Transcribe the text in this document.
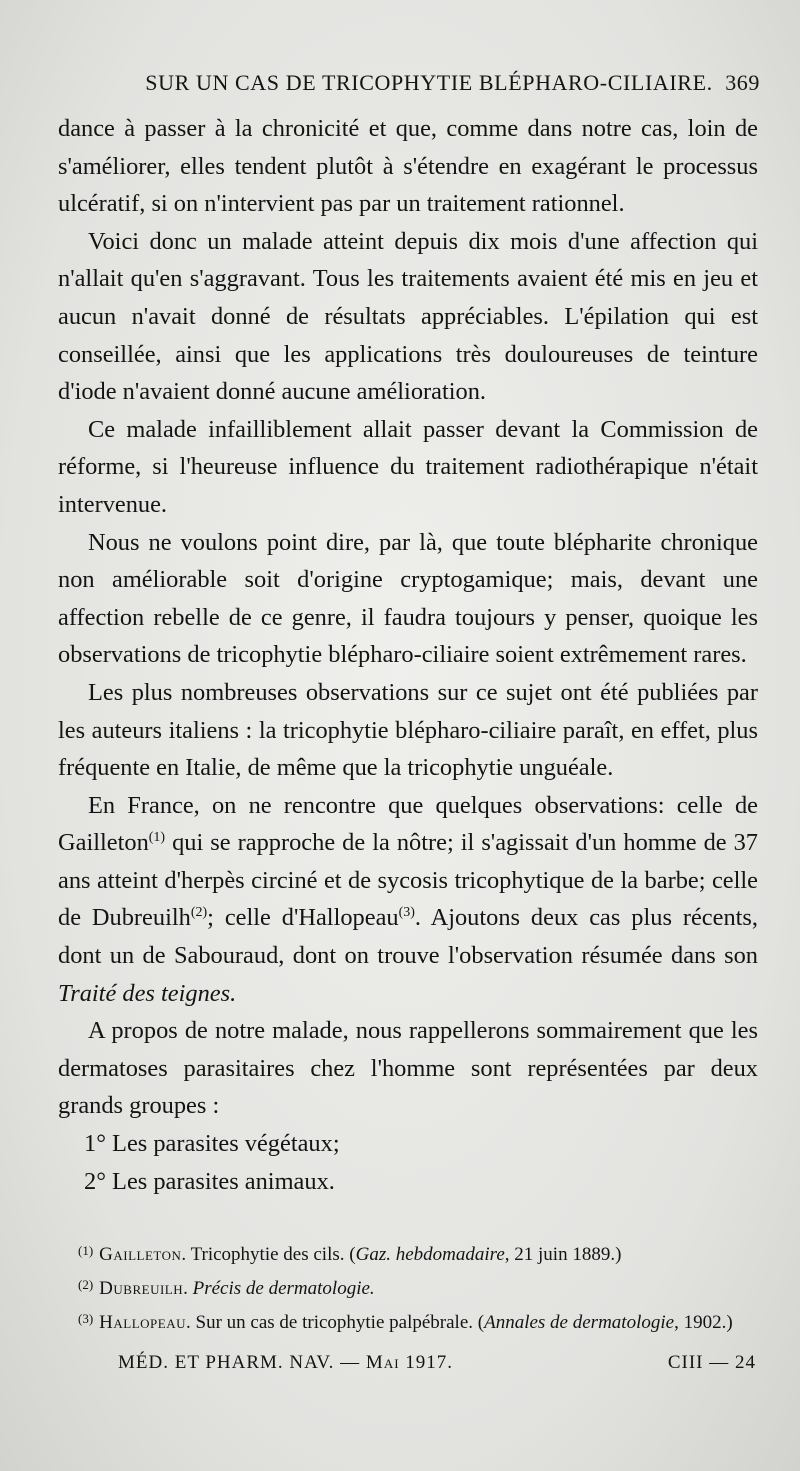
SUR UN CAS DE TRICOPHYTIE BLÉPHARO-CILIAIRE. 369

dance à passer à la chronicité et que, comme dans notre cas, loin de s'améliorer, elles tendent plutôt à s'étendre en exagérant le processus ulcératif, si on n'intervient pas par un traitement rationnel.

Voici donc un malade atteint depuis dix mois d'une affection qui n'allait qu'en s'aggravant. Tous les traitements avaient été mis en jeu et aucun n'avait donné de résultats appréciables. L'épilation qui est conseillée, ainsi que les applications très douloureuses de teinture d'iode n'avaient donné aucune amélioration.

Ce malade infailliblement allait passer devant la Commission de réforme, si l'heureuse influence du traitement radiothérapique n'était intervenue.

Nous ne voulons point dire, par là, que toute blépharite chronique non améliorable soit d'origine cryptogamique; mais, devant une affection rebelle de ce genre, il faudra toujours y penser, quoique les observations de tricophytie blépharo-ciliaire soient extrêmement rares.

Les plus nombreuses observations sur ce sujet ont été publiées par les auteurs italiens : la tricophytie blépharo-ciliaire paraît, en effet, plus fréquente en Italie, de même que la tricophytie unguéale.

En France, on ne rencontre que quelques observations: celle de Gailleton$^{(1)}$ qui se rapproche de la nôtre; il s'agissait d'un homme de 37 ans atteint d'herpès circiné et de sycosis tricophytique de la barbe; celle de Dubreuilh$^{(2)}$; celle d'Hallopeau$^{(3)}$. Ajoutons deux cas plus récents, dont un de Sabouraud, dont on trouve l'observation résumée dans son Traité des teignes.

A propos de notre malade, nous rappellerons sommairement que les dermatoses parasitaires chez l'homme sont représentées par deux grands groupes :

1° Les parasites végétaux;
2° Les parasites animaux.

$^{(1)}$ Gailleton. Tricophytie des cils. (Gaz. hebdomadaire, 21 juin 1889.)

$^{(2)}$ Dubreuilh. Précis de dermatologie.

$^{(3)}$ Hallopeau. Sur un cas de tricophytie palpébrale. (Annales de dermatologie, 1902.)

MÉD. ET PHARM. NAV. — Mai 1917.	CIII — 24
